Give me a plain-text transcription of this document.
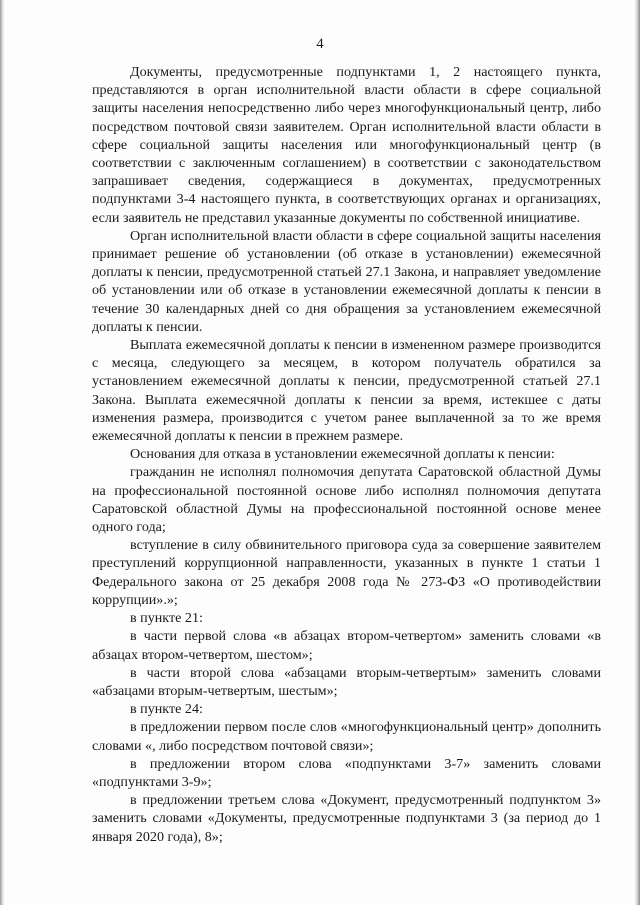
4

Документы, предусмотренные подпунктами 1, 2 настоящего пункта, представляются в орган исполнительной власти области в сфере социальной защиты населения непосредственно либо через многофункциональный центр, либо посредством почтовой связи заявителем. Орган исполнительной власти области в сфере социальной защиты населения или многофункциональный центр (в соответствии с заключенным соглашением) в соответствии с законодательством запрашивает сведения, содержащиеся в документах, предусмотренных подпунктами 3-4 настоящего пункта, в соответствующих органах и организациях, если заявитель не представил указанные документы по собственной инициативе.

Орган исполнительной власти области в сфере социальной защиты населения принимает решение об установлении (об отказе в установлении) ежемесячной доплаты к пенсии, предусмотренной статьей 27.1 Закона, и направляет уведомление об установлении или об отказе в установлении ежемесячной доплаты к пенсии в течение 30 календарных дней со дня обращения за установлением ежемесячной доплаты к пенсии.

Выплата ежемесячной доплаты к пенсии в измененном размере производится с месяца, следующего за месяцем, в котором получатель обратился за установлением ежемесячной доплаты к пенсии, предусмотренной статьей 27.1 Закона. Выплата ежемесячной доплаты к пенсии за время, истекшее с даты изменения размера, производится с учетом ранее выплаченной за то же время ежемесячной доплаты к пенсии в прежнем размере.

Основания для отказа в установлении ежемесячной доплаты к пенсии:

гражданин не исполнял полномочия депутата Саратовской областной Думы на профессиональной постоянной основе либо исполнял полномочия депутата Саратовской областной Думы на профессиональной постоянной основе менее одного года;

вступление в силу обвинительного приговора суда за совершение заявителем преступлений коррупционной направленности, указанных в пункте 1 статьи 1 Федерального закона от 25 декабря 2008 года № 273-ФЗ «О противодействии коррупции».»;

в пункте 21:

в части первой слова «в абзацах втором-четвертом» заменить словами «в абзацах втором-четвертом, шестом»;

в части второй слова «абзацами вторым-четвертым» заменить словами «абзацами вторым-четвертым, шестым»;

в пункте 24:

в предложении первом после слов «многофункциональный центр» дополнить словами «, либо посредством почтовой связи»;

в предложении втором слова «подпунктами 3-7» заменить словами «подпунктами 3-9»;

в предложении третьем слова «Документ, предусмотренный подпунктом 3» заменить словами «Документы, предусмотренные подпунктами 3 (за период до 1 января 2020 года), 8»;
